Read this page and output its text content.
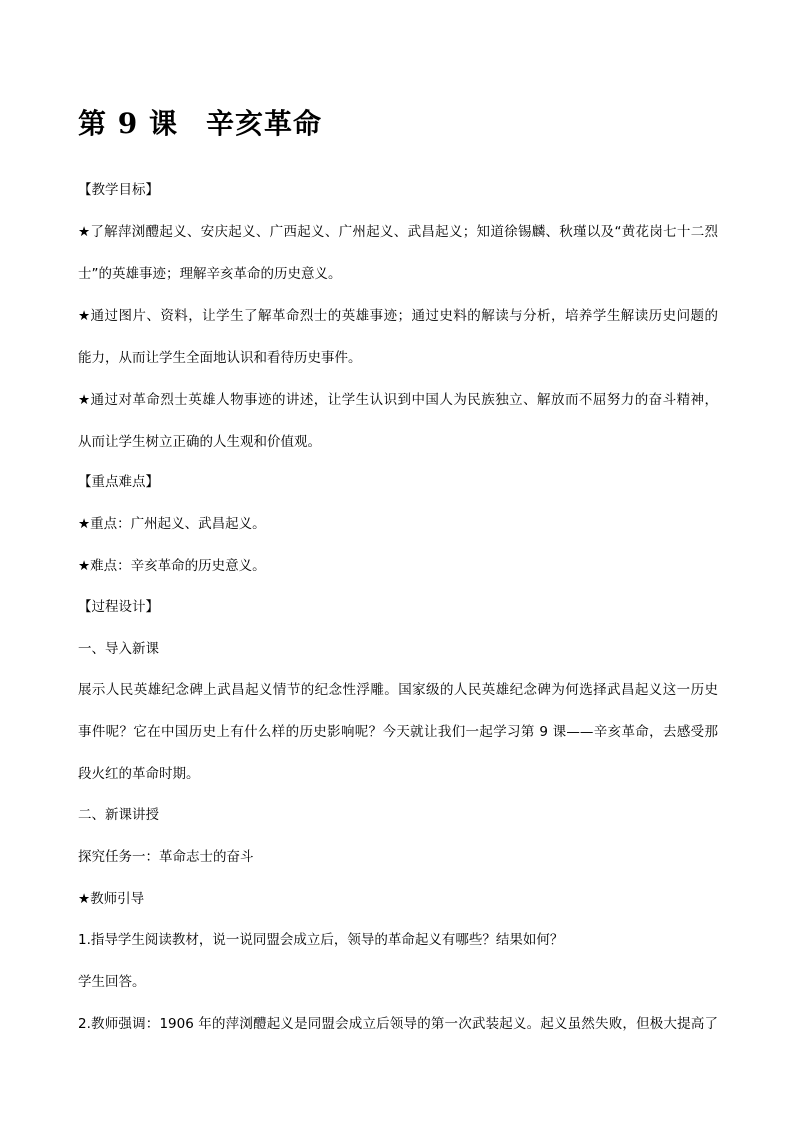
第 9 课 辛亥革命
【教学目标】
★了解萍浏醴起义、安庆起义、广西起义、广州起义、武昌起义；知道徐锡麟、秋瑾以及“黄花岗七十二烈
士”的英雄事迹；理解辛亥革命的历史意义。
★通过图片、资料，让学生了解革命烈士的英雄事迹；通过史料的解读与分析，培养学生解读历史问题的
能力，从而让学生全面地认识和看待历史事件。
★通过对革命烈士英雄人物事迹的讲述，让学生认识到中国人为民族独立、解放而不屈努力的奋斗精神，
从而让学生树立正确的人生观和价值观。
【重点难点】
★重点：广州起义、武昌起义。
★难点：辛亥革命的历史意义。
【过程设计】
一、导入新课
展示人民英雄纪念碑上武昌起义情节的纪念性浮雕。国家级的人民英雄纪念碑为何选择武昌起义这一历史
事件呢？它在中国历史上有什么样的历史影响呢？今天就让我们一起学习第 9 课——辛亥革命，去感受那
段火红的革命时期。
二、新课讲授
探究任务一：革命志士的奋斗
★教师引导
1.指导学生阅读教材，说一说同盟会成立后，领导的革命起义有哪些？结果如何？
学生回答。
2.教师强调：1906 年的萍浏醴起义是同盟会成立后领导的第一次武装起义。起义虽然失败，但极大提高了
